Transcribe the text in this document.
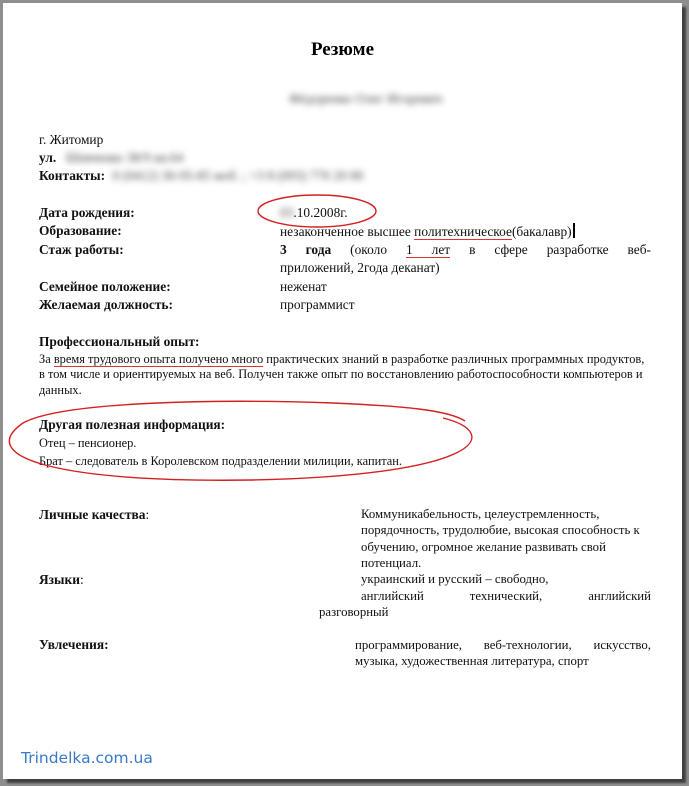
Резюме
Фёдоренко Олег Игоревич
г. Житомир
ул. Шевченко 38/9 кв.64
Контакты: 0 (0412) 30-95-85 моб. ; +3 8 (093) 770 20 00
Дата рождения:	03.10.2008г.
Образование:	незаконченное высшее политехническое(бакалавр)
Стаж работы:	3 года (около 1 лет в сфере разработке веб-
приложений, 2года деканат)
Семейное положение:	неженат
Желаемая должность:	программист
Профессиональный опыт:
За время трудового опыта получено много практических знаний в разработке различных программных продуктов, в том числе и ориентируемых на веб. Получен также опыт по восстановлению работоспособности компьютеров и данных.
Другая полезная информация:
Отец – пенсионер.
Брат – следователь в Королевском подразделении милиции, капитан.
Личные качества:	Коммуникабельность, целеустремленность, порядочность, трудолюбие, высокая способность к обучению, огромное желание развивать свой потенциал.
Языки:	украинский и русский – свободно,
английский технический, английский
разговорный
Увлечения:	программирование, веб-технологии, искусство,
музыка, художественная литература, спорт
Trindelka.com.ua
